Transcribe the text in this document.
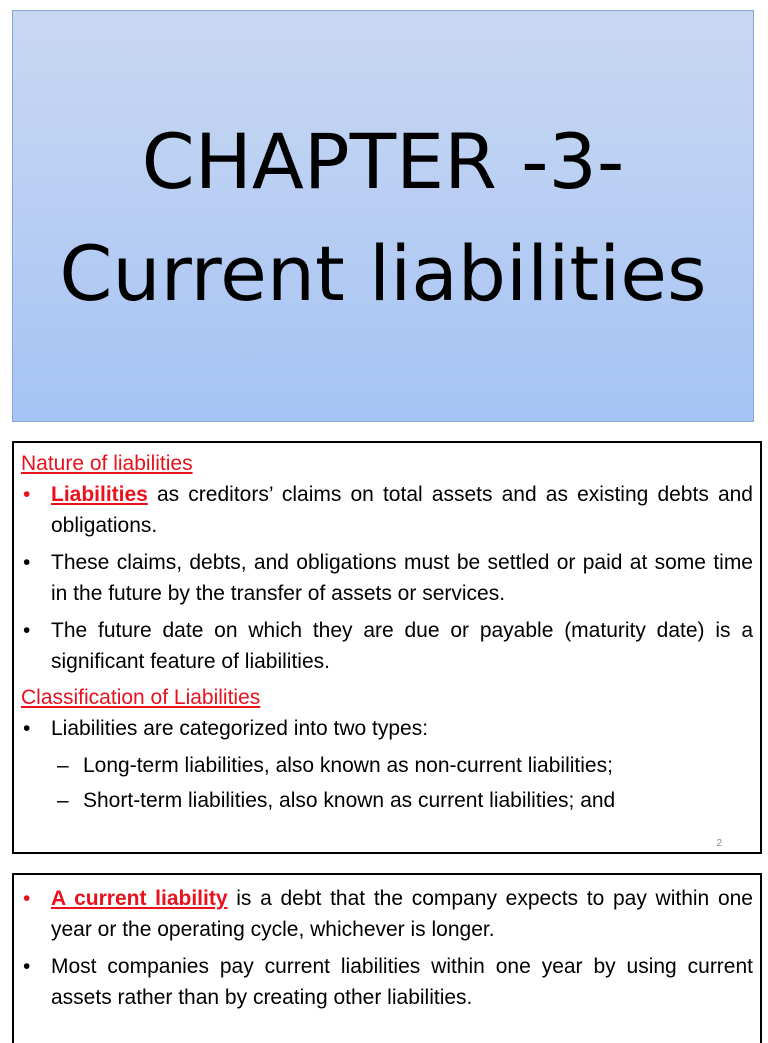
CHAPTER -3-
Current liabilities

Nature of liabilities

• Liabilities as creditors’ claims on total assets and as existing debts and obligations.

• These claims, debts, and obligations must be settled or paid at some time in the future by the transfer of assets or services.

• The future date on which they are due or payable (maturity date) is a significant feature of liabilities.

Classification of Liabilities

• Liabilities are categorized into two types:

– Long-term liabilities, also known as non-current liabilities;

– Short-term liabilities, also known as current liabilities; and

2

• A current liability is a debt that the company expects to pay within one year or the operating cycle, whichever is longer.

• Most companies pay current liabilities within one year by using current assets rather than by creating other liabilities.
